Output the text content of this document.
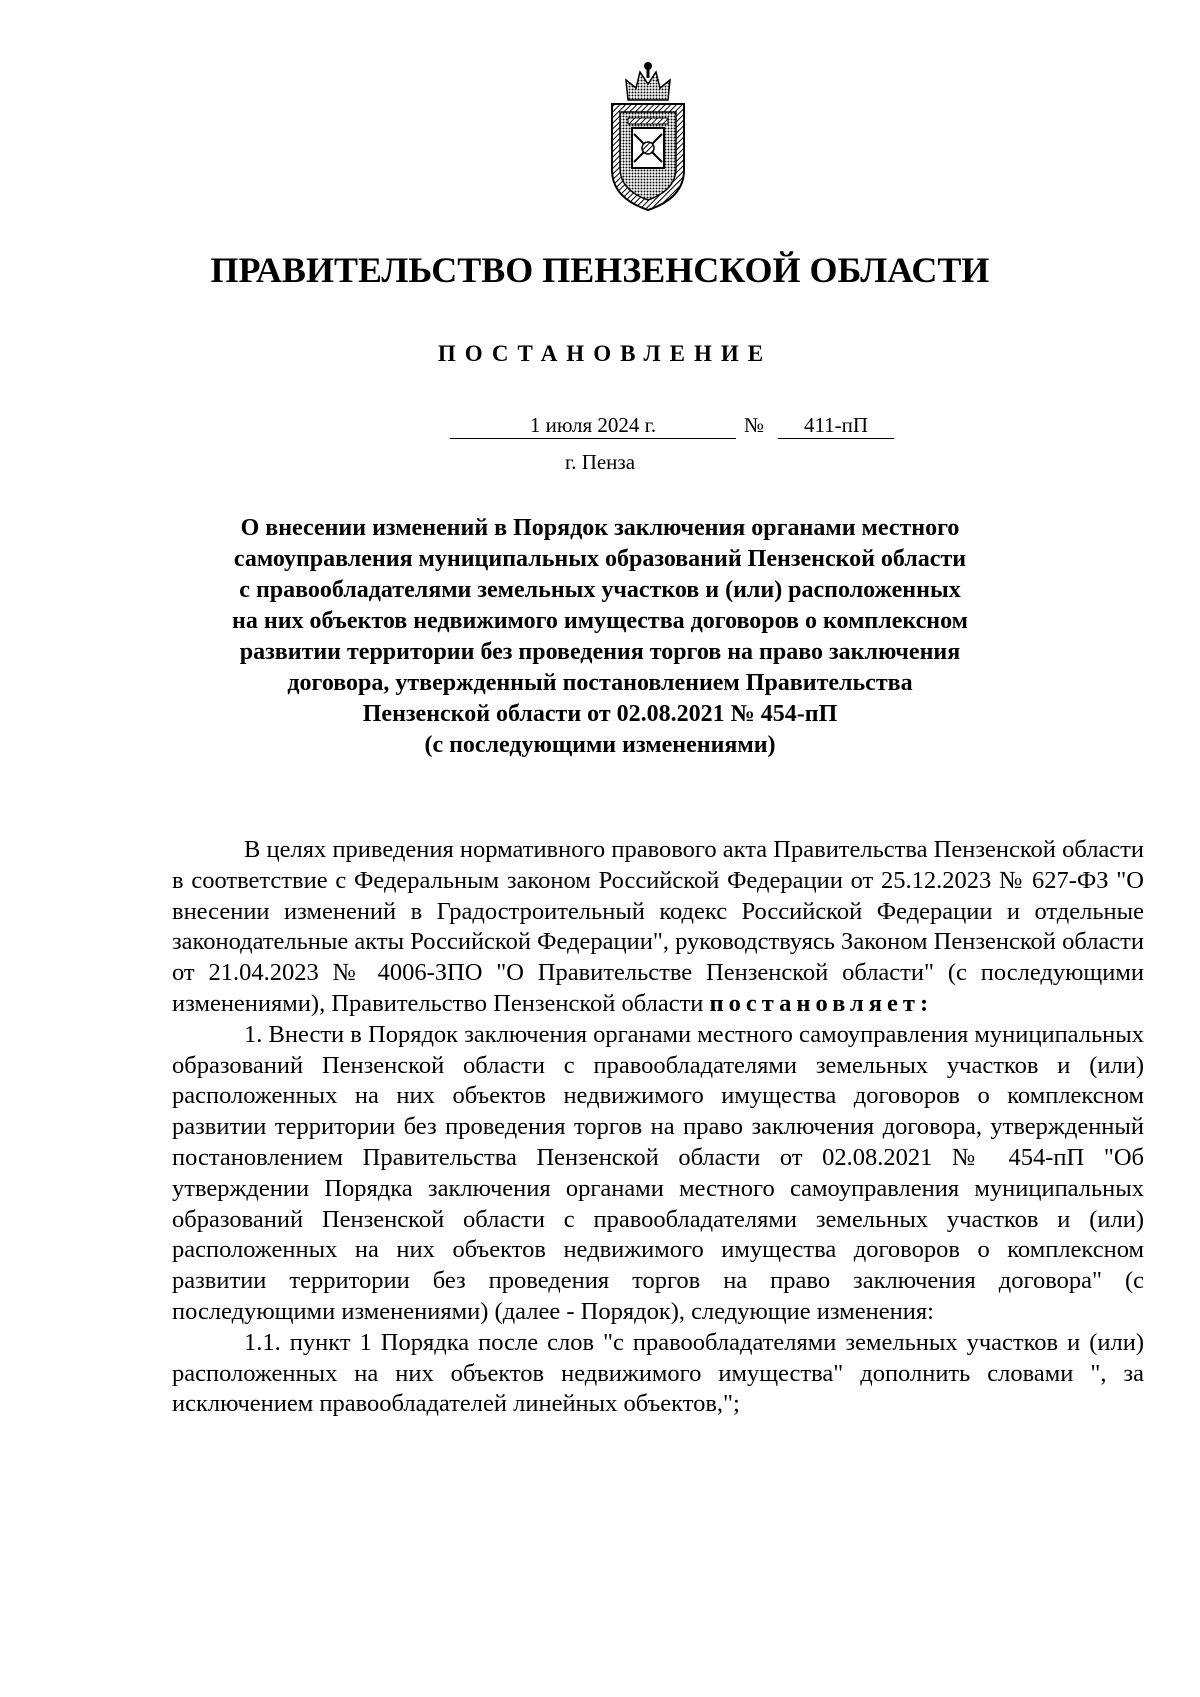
ПРАВИТЕЛЬСТВО ПЕНЗЕНСКОЙ ОБЛАСТИ
ПОСТАНОВЛЕНИЕ
1 июля 2024 г.	№	411-пП
г. Пенза
О внесении изменений в Порядок заключения органами местного
самоуправления муниципальных образований Пензенской области
с правообладателями земельных участков и (или) расположенных
на них объектов недвижимого имущества договоров о комплексном
развитии территории без проведения торгов на право заключения
договора, утвержденный постановлением Правительства
Пензенской области от 02.08.2021 № 454-пП
(с последующими изменениями)

В целях приведения нормативного правового акта Правительства Пензенской области в соответствие с Федеральным законом Российской Федерации от 25.12.2023 № 627-ФЗ "О внесении изменений в Градостроительный кодекс Российской Федерации и отдельные законодательные акты Российской Федерации", руководствуясь Законом Пензенской области от 21.04.2023 № 4006-ЗПО "О Правительстве Пензенской области" (с последующими изменениями), Правительство Пензенской области постановляет:

1. Внести в Порядок заключения органами местного самоуправления муниципальных образований Пензенской области с правообладателями земельных участков и (или) расположенных на них объектов недвижимого имущества договоров о комплексном развитии территории без проведения торгов на право заключения договора, утвержденный постановлением Правительства Пензенской области от 02.08.2021 № 454-пП "Об утверждении Порядка заключения органами местного самоуправления муниципальных образований Пензенской области с правообладателями земельных участков и (или) расположенных на них объектов недвижимого имущества договоров о комплексном развитии территории без проведения торгов на право заключения договора" (с последующими изменениями) (далее - Порядок), следующие изменения:

1.1. пункт 1 Порядка после слов "с правообладателями земельных участков и (или) расположенных на них объектов недвижимого имущества" дополнить словами ", за исключением правообладателей линейных объектов,";
